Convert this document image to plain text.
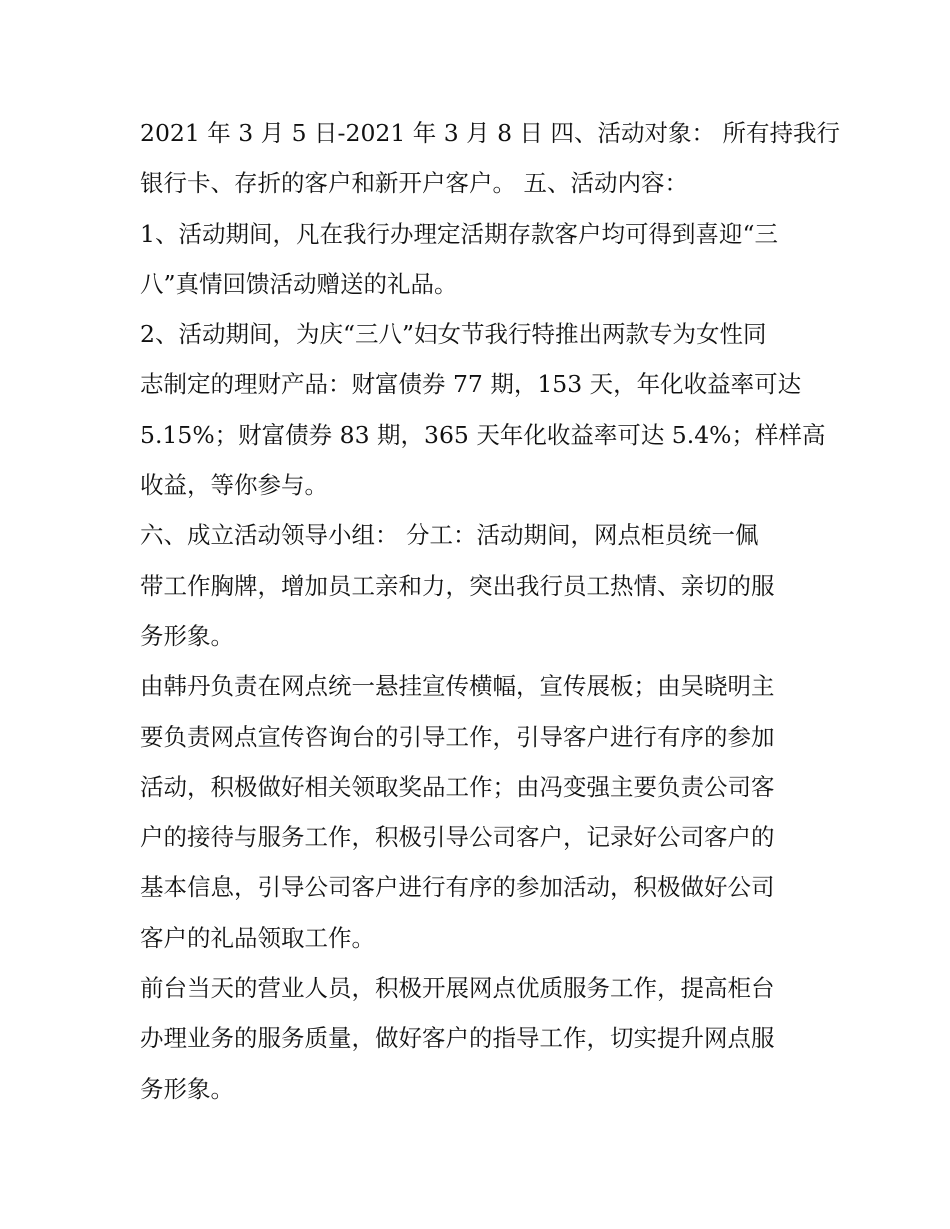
2021 年 3 月 5 日-2021 年 3 月 8 日 四、活动对象： 所有持我行
银行卡、存折的客户和新开户客户。 五、活动内容：

1、活动期间，凡在我行办理定活期存款客户均可得到喜迎“三
八”真情回馈活动赠送的礼品。

2、活动期间，为庆“三八”妇女节我行特推出两款专为女性同
志制定的理财产品：财富债券 77 期，153 天，年化收益率可达
5.15%；财富债券 83 期，365 天年化收益率可达 5.4%；样样高
收益，等你参与。

六、成立活动领导小组： 分工：活动期间，网点柜员统一佩
带工作胸牌，增加员工亲和力，突出我行员工热情、亲切的服
务形象。

由韩丹负责在网点统一悬挂宣传横幅，宣传展板；由吴晓明主
要负责网点宣传咨询台的引导工作，引导客户进行有序的参加
活动，积极做好相关领取奖品工作；由冯变强主要负责公司客
户的接待与服务工作，积极引导公司客户，记录好公司客户的
基本信息，引导公司客户进行有序的参加活动，积极做好公司
客户的礼品领取工作。

前台当天的营业人员，积极开展网点优质服务工作，提高柜台
办理业务的服务质量，做好客户的指导工作，切实提升网点服
务形象。
